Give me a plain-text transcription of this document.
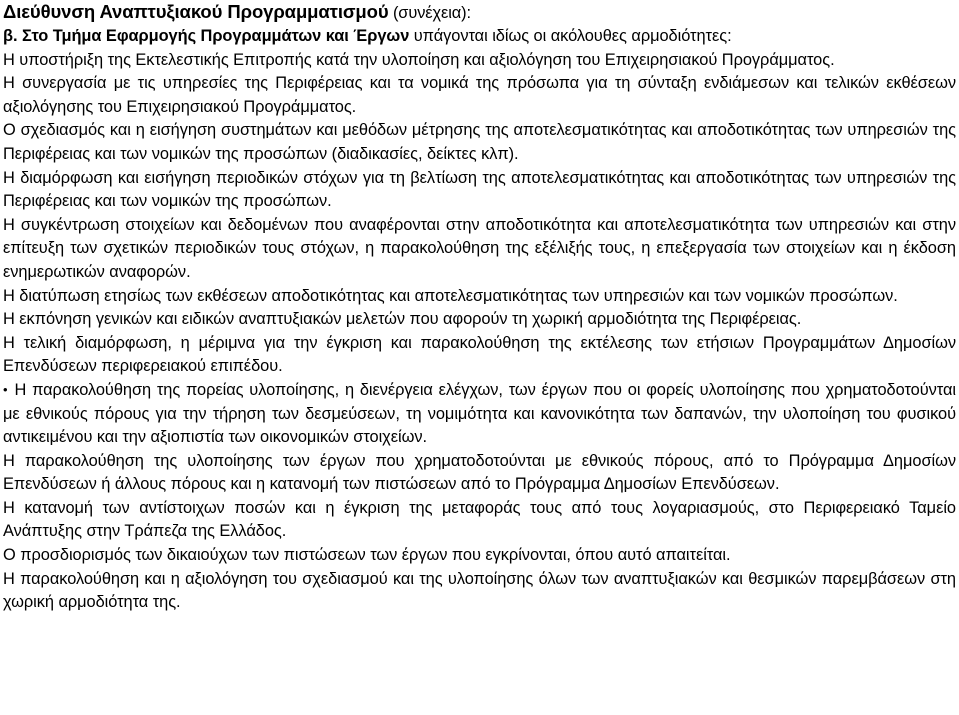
Διεύθυνση Αναπτυξιακού Προγραμματισμού (συνέχεια):

β. Στο Τμήμα Εφαρμογής Προγραμμάτων και Έργων υπάγονται ιδίως οι ακόλουθες αρμοδιότητες:

Η υποστήριξη της Εκτελεστικής Επιτροπής κατά την υλοποίηση και αξιολόγηση του Επιχειρησιακού Προγράμματος.

Η συνεργασία με τις υπηρεσίες της Περιφέρειας και τα νομικά της πρόσωπα για τη σύνταξη ενδιάμεσων και τελικών εκθέσεων αξιολόγησης του Επιχειρησιακού Προγράμματος.

Ο σχεδιασμός και η εισήγηση συστημάτων και μεθόδων μέτρησης της αποτελεσματικότητας και αποδοτικότητας των υπηρεσιών της Περιφέρειας και των νομικών της προσώπων (διαδικασίες, δείκτες κλπ).

Η διαμόρφωση και εισήγηση περιοδικών στόχων για τη βελτίωση της αποτελεσματικότητας και αποδοτικότητας των υπηρεσιών της Περιφέρειας και των νομικών της προσώπων.

Η συγκέντρωση στοιχείων και δεδομένων που αναφέρονται στην αποδοτικότητα και αποτελεσματικότητα των υπηρεσιών και στην επίτευξη των σχετικών περιοδικών τους στόχων, η παρακολούθηση της εξέλιξής τους, η επεξεργασία των στοιχείων και η έκδοση ενημερωτικών αναφορών.

Η διατύπωση ετησίως των εκθέσεων αποδοτικότητας και αποτελεσματικότητας των υπηρεσιών και των νομικών προσώπων.

Η εκπόνηση γενικών και ειδικών αναπτυξιακών μελετών που αφορούν τη χωρική αρμοδιότητα της Περιφέρειας.

Η τελική διαμόρφωση, η μέριμνα για την έγκριση και παρακολούθηση της εκτέλεσης των ετήσιων Προγραμμάτων Δημοσίων Επενδύσεων περιφερειακού επιπέδου.

• Η παρακολούθηση της πορείας υλοποίησης, η διενέργεια ελέγχων, των έργων που οι φορείς υλοποίησης που χρηματοδοτούνται με εθνικούς πόρους για την τήρηση των δεσμεύσεων, τη νομιμότητα και κανονικότητα των δαπανών, την υλοποίηση του φυσικού αντικειμένου και την αξιοπιστία των οικονομικών στοιχείων.

Η παρακολούθηση της υλοποίησης των έργων που χρηματοδοτούνται με εθνικούς πόρους, από το Πρόγραμμα Δημοσίων Επενδύσεων ή άλλους πόρους και η κατανομή των πιστώσεων από το Πρόγραμμα Δημοσίων Επενδύσεων.

Η κατανομή των αντίστοιχων ποσών και η έγκριση της μεταφοράς τους από τους λογαριασμούς, στο Περιφερειακό Ταμείο Ανάπτυξης στην Τράπεζα της Ελλάδος.

Ο προσδιορισμός των δικαιούχων των πιστώσεων των έργων που εγκρίνονται, όπου αυτό απαιτείται.

Η παρακολούθηση και η αξιολόγηση του σχεδιασμού και της υλοποίησης όλων των αναπτυξιακών και θεσμικών παρεμβάσεων στη χωρική αρμοδιότητα της.
